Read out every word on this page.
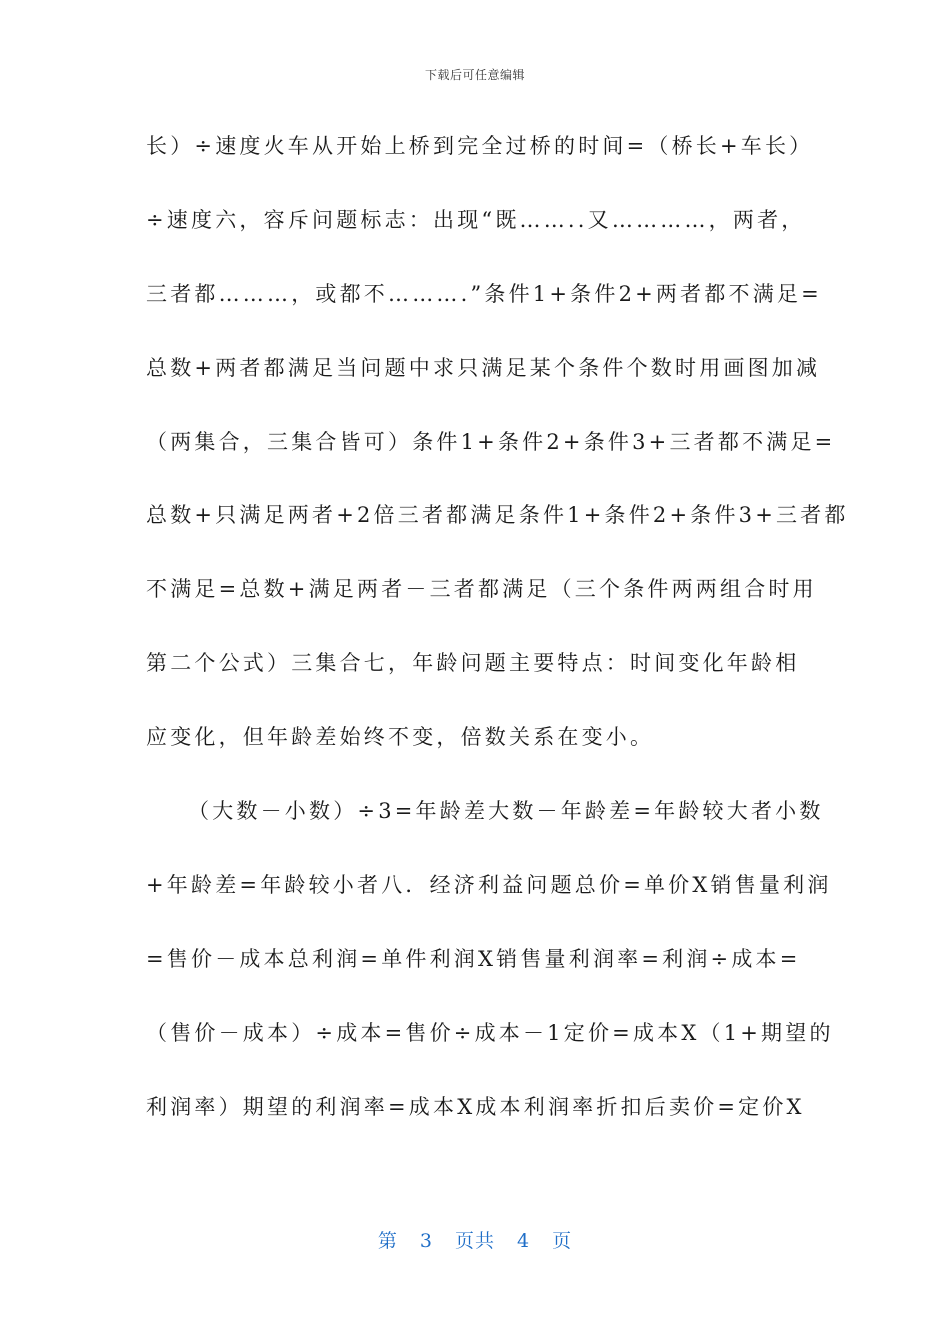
下载后可任意编辑
长）÷速度火车从开始上桥到完全过桥的时间=（桥长+车长）
÷速度六，容斥问题标志：出现“既……..又…………，两者，
三者都………，或都不……….”条件1+条件2+两者都不满足=
总数+两者都满足当问题中求只满足某个条件个数时用画图加减
（两集合，三集合皆可）条件1+条件2+条件3+三者都不满足=
总数+只满足两者+2倍三者都满足条件1+条件2+条件3+三者都
不满足=总数+满足两者－三者都满足（三个条件两两组合时用
第二个公式）三集合七，年龄问题主要特点：时间变化年龄相
应变化，但年龄差始终不变，倍数关系在变小。
（大数－小数）÷3=年龄差大数－年龄差=年龄较大者小数
+年龄差=年龄较小者八．经济利益问题总价=单价X销售量利润
=售价－成本总利润=单件利润X销售量利润率=利润÷成本=
（售价－成本）÷成本=售价÷成本－1定价=成本X（1+期望的
利润率）期望的利润率=成本X成本利润率折扣后卖价=定价X
第 3 页共 4 页
